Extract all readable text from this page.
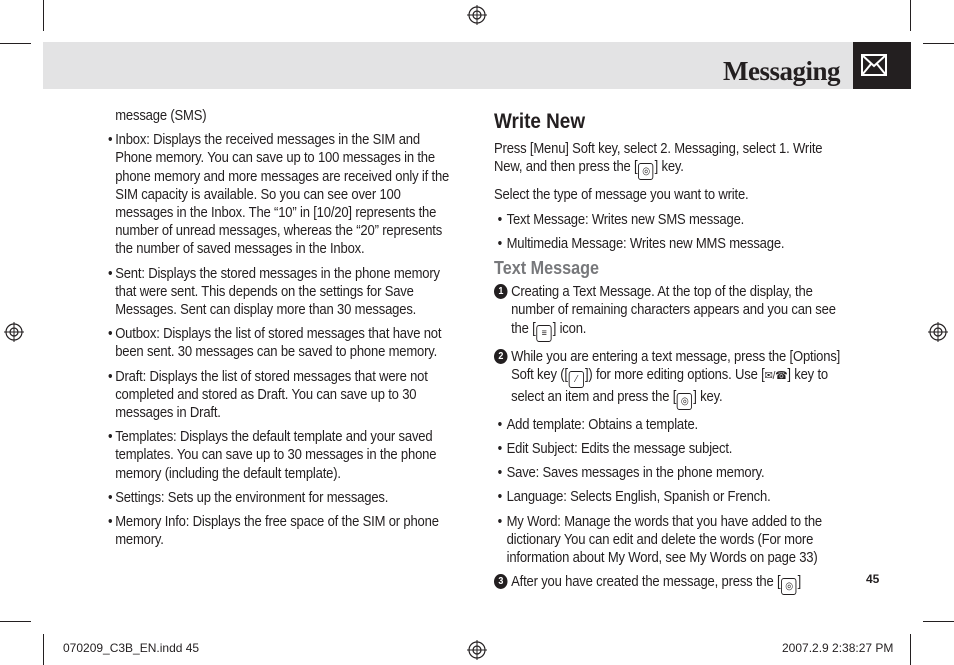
Messaging
message (SMS)
• Inbox: Displays the received messages in the SIM and Phone memory. You can save up to 100 messages in the phone memory and more messages are received only if the SIM capacity is available. So you can see over 100 messages in the Inbox. The “10” in [10/20] represents the number of unread messages, whereas the “20” represents the number of saved messages in the Inbox.
• Sent: Displays the stored messages in the phone memory that were sent. This depends on the settings for Save Messages. Sent can display more than 30 messages.
• Outbox: Displays the list of stored messages that have not been sent. 30 messages can be saved to phone memory.
• Draft: Displays the list of stored messages that were not completed and stored as Draft. You can save up to 30 messages in Draft.
• Templates: Displays the default template and your saved templates. You can save up to 30 messages in the phone memory (including the default template).
• Settings: Sets up the environment for messages.
• Memory Info: Displays the free space of the SIM or phone memory.
Write New
Press [Menu] Soft key, select 2. Messaging, select 1. Write New, and then press the [ ◎ ] key.
Select the type of message you want to write.
• Text Message: Writes new SMS message.
• Multimedia Message: Writes new MMS message.
Text Message
1 Creating a Text Message. At the top of the display, the number of remaining characters appears and you can see the [ ≡ ] icon.
2 While you are entering a text message, press the [Options] Soft key ([ ⁄ ]) for more editing options. Use [✉/☎] key to select an item and press the [ ◎ ] key.
• Add template: Obtains a template.
• Edit Subject: Edits the message subject.
• Save: Saves messages in the phone memory.
• Language: Selects English, Spanish or French.
• My Word: Manage the words that you have added to the dictionary You can edit and delete the words (For more information about My Word, see My Words on page 33)
3 After you have created the message, press the [ ◎ ]	45
070209_C3B_EN.indd 45	2007.2.9 2:38:27 PM
